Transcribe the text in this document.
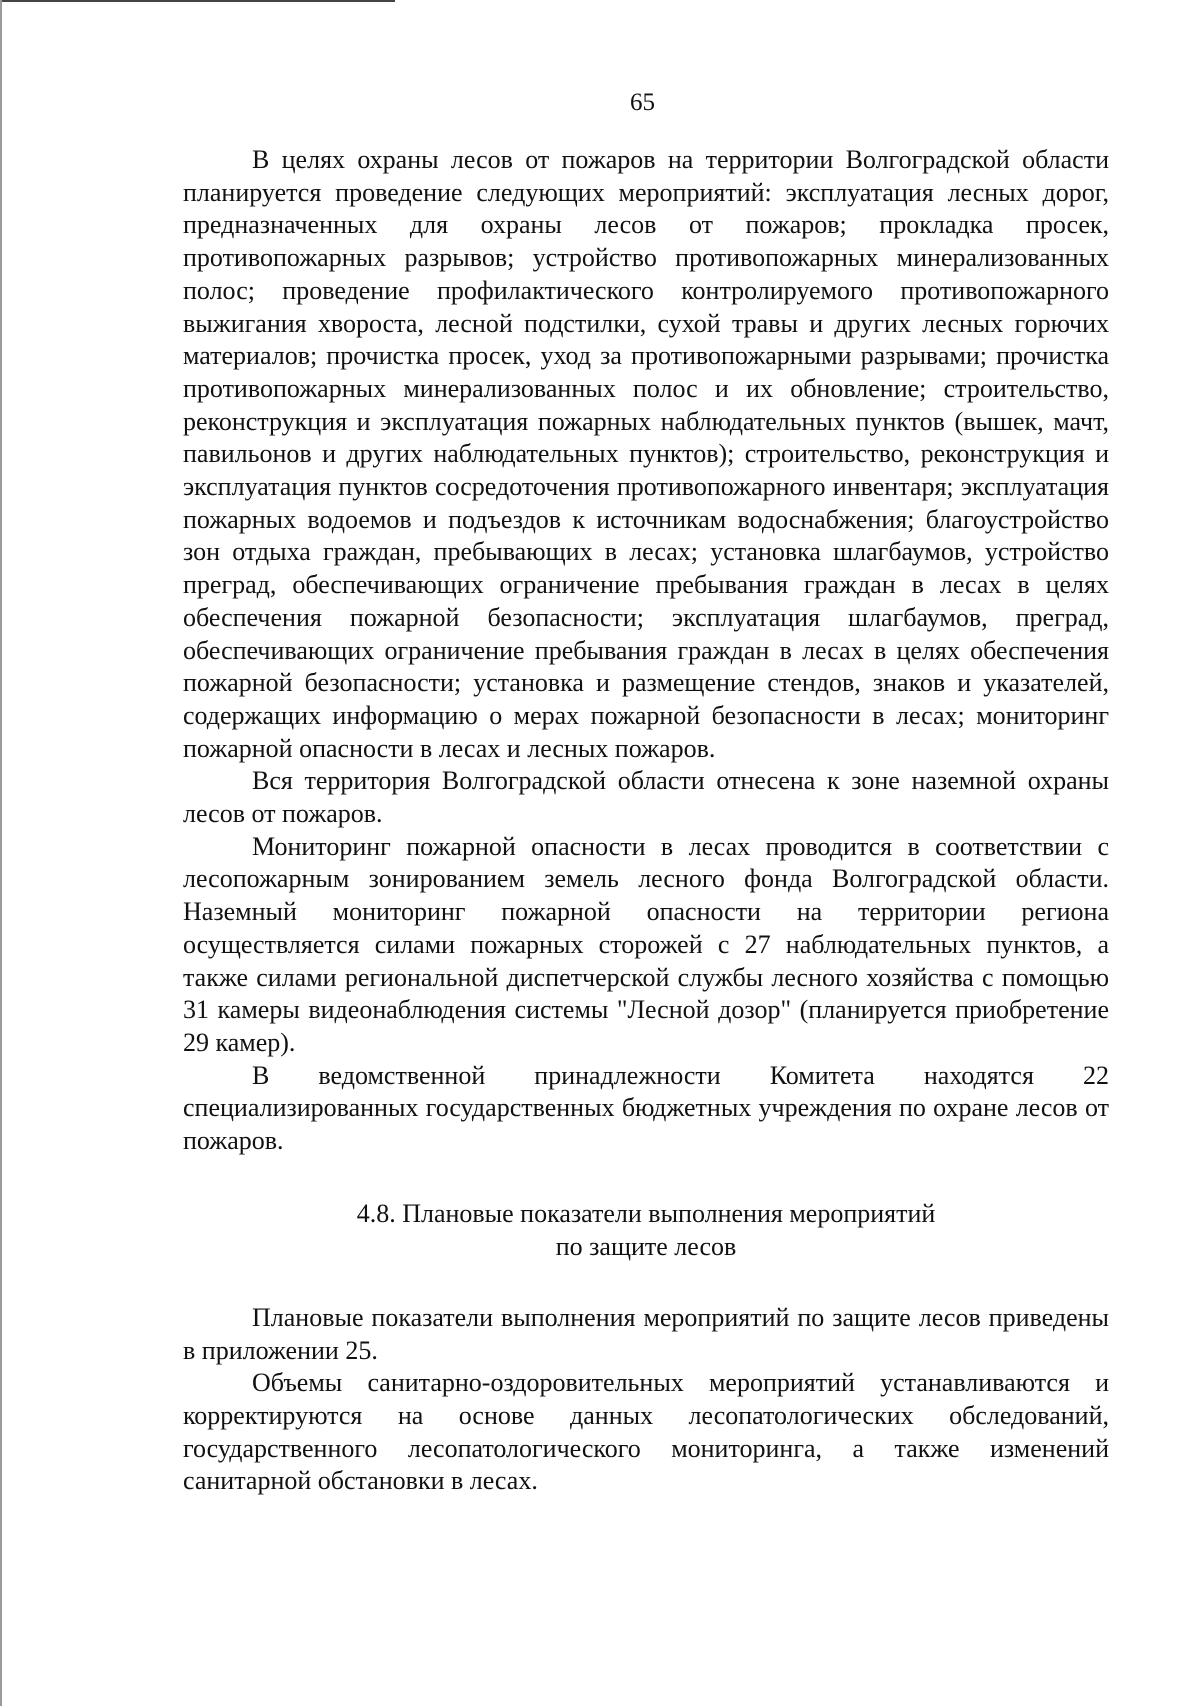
65

В целях охраны лесов от пожаров на территории Волгоградской области планируется проведение следующих мероприятий: эксплуатация лесных дорог, предназначенных для охраны лесов от пожаров; прокладка просек, противопожарных разрывов; устройство противопожарных минерализованных полос; проведение профилактического контролируемого противопожарного выжигания хвороста, лесной подстилки, сухой травы и других лесных горючих материалов; прочистка просек, уход за противопожарными разрывами; прочистка противопожарных минерализованных полос и их обновление; строительство, реконструкция и эксплуатация пожарных наблюдательных пунктов (вышек, мачт, павильонов и других наблюдательных пунктов); строительство, реконструкция и эксплуатация пунктов сосредоточения противопожарного инвентаря; эксплуатация пожарных водоемов и подъездов к источникам водоснабжения; благоустройство зон отдыха граждан, пребывающих в лесах; установка шлагбаумов, устройство преград, обеспечивающих ограничение пребывания граждан в лесах в целях обеспечения пожарной безопасности; эксплуатация шлагбаумов, преград, обеспечивающих ограничение пребывания граждан в лесах в целях обеспечения пожарной безопасности; установка и размещение стендов, знаков и указателей, содержащих информацию о мерах пожарной безопасности в лесах; мониторинг пожарной опасности в лесах и лесных пожаров.

Вся территория Волгоградской области отнесена к зоне наземной охраны лесов от пожаров.

Мониторинг пожарной опасности в лесах проводится в соответствии с лесопожарным зонированием земель лесного фонда Волгоградской области. Наземный мониторинг пожарной опасности на территории региона осуществляется силами пожарных сторожей с 27 наблюдательных пунктов, а также силами региональной диспетчерской службы лесного хозяйства с помощью 31 камеры видеонаблюдения системы "Лесной дозор" (планируется приобретение 29 камер).

В ведомственной принадлежности Комитета находятся 22 специализированных государственных бюджетных учреждения по охране лесов от пожаров.

4.8. Плановые показатели выполнения мероприятий
по защите лесов

Плановые показатели выполнения мероприятий по защите лесов приведены в приложении 25.

Объемы санитарно-оздоровительных мероприятий устанавливаются и корректируются на основе данных лесопатологических обследований, государственного лесопатологического мониторинга, а также изменений санитарной обстановки в лесах.
